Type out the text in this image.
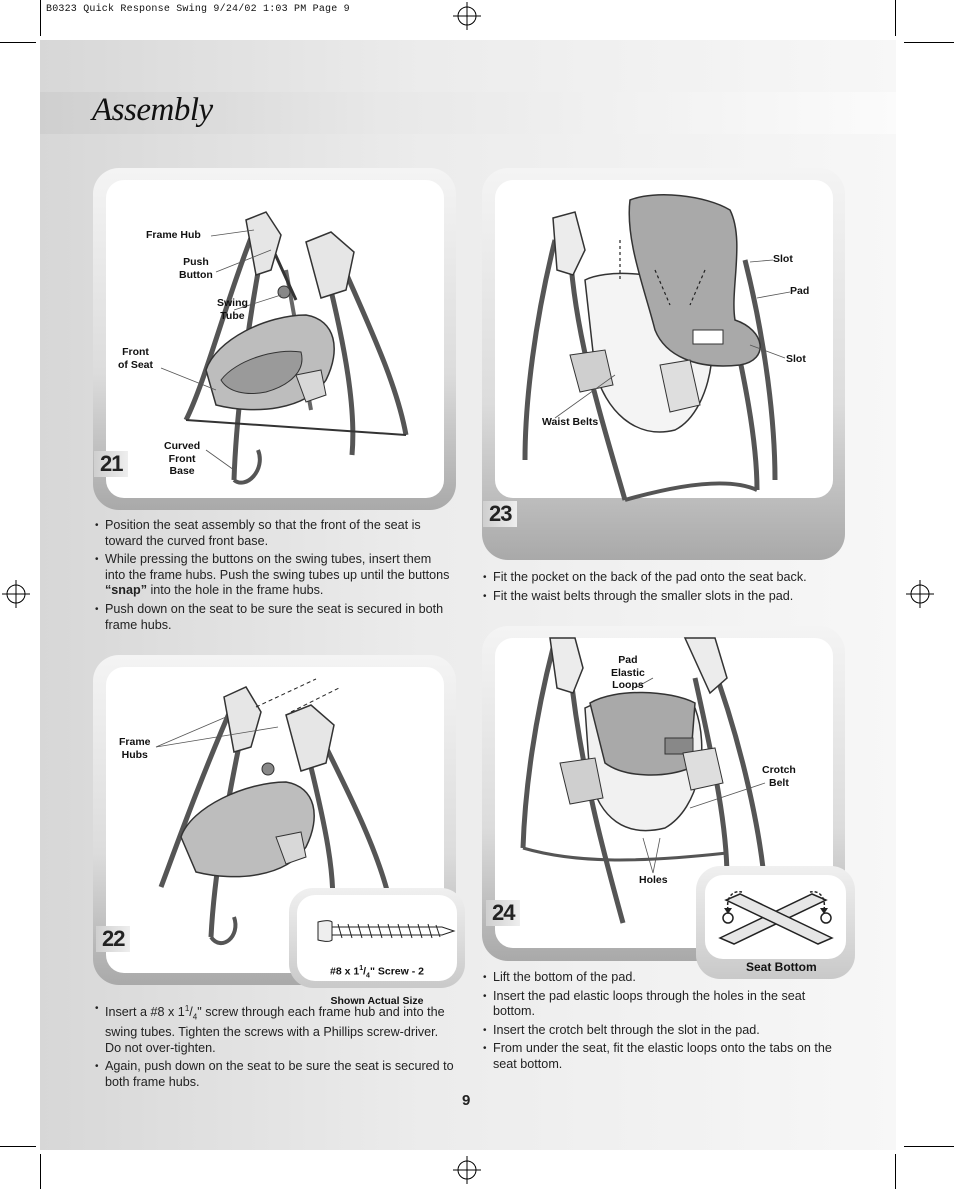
B0323 Quick Response Swing 9/24/02 1:03 PM Page 9
Assembly
Frame Hub
Push
Button
Swing
Tube
Front
of Seat
Curved
Front
Base
21
• Position the seat assembly so that the front of the seat is toward the curved front base.
• While pressing the buttons on the swing tubes, insert them into the frame hubs. Push the swing tubes up until the buttons “snap” into the hole in the frame hubs.
• Push down on the seat to be sure the seat is secured in both frame hubs.
Slot
Pad
Slot
Waist Belts
23
• Fit the pocket on the back of the pad onto the seat back.
• Fit the waist belts through the smaller slots in the pad.
Frame
Hubs
22

#8 x $1^1/_4$" Screw - 2

Shown Actual Size

• Insert a #8 x $1^1/_4$" screw through each frame hub and into the swing tubes. Tighten the screws with a Phillips screw-driver. Do not over-tighten.
• Again, push down on the seat to be sure the seat is secured to both frame hubs.
Pad
Elastic
Loops
Crotch
Belt
Holes
24
Seat Bottom
• Lift the bottom of the pad.
• Insert the pad elastic loops through the holes in the seat bottom.
• Insert the crotch belt through the slot in the pad.
• From under the seat, fit the elastic loops onto the tabs on the seat bottom.
9
